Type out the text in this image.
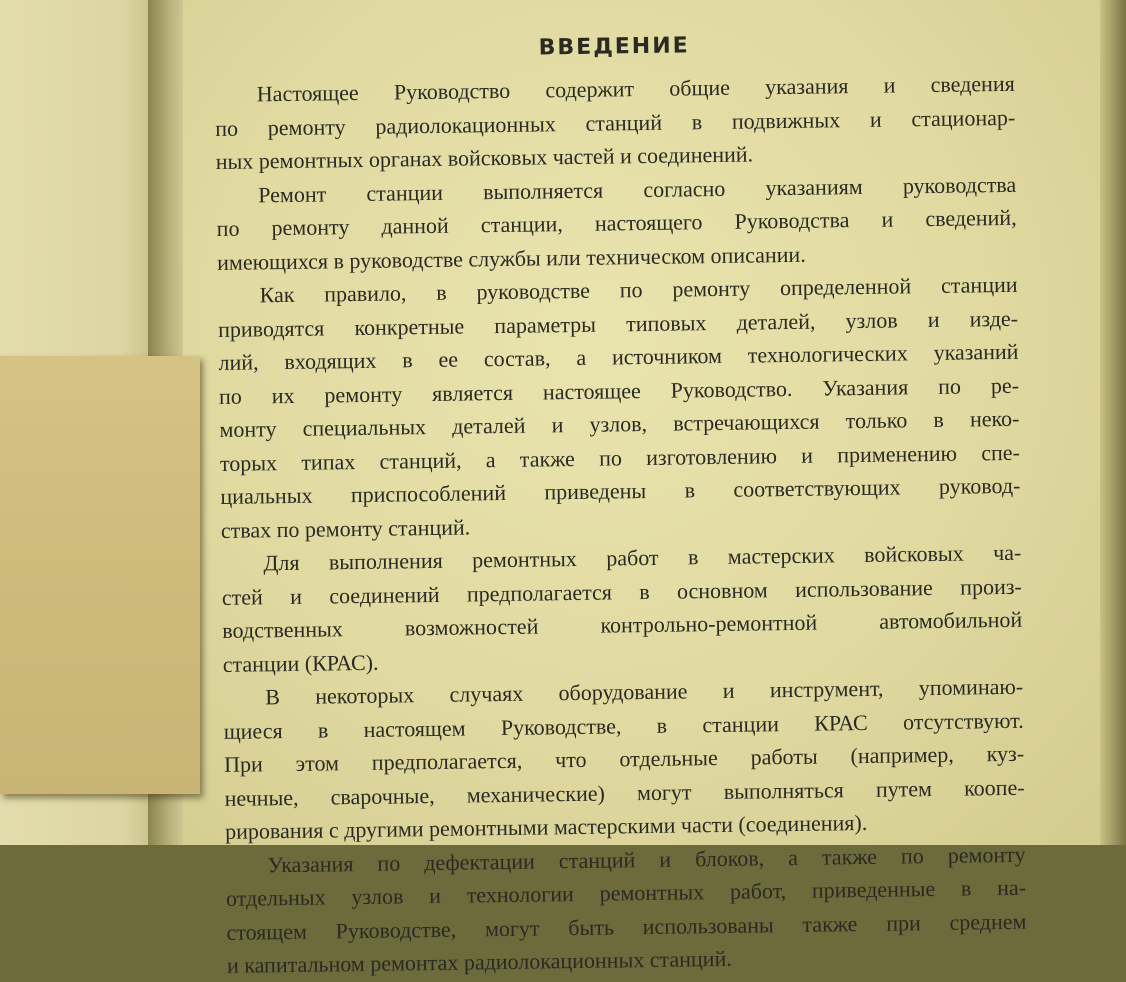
ВВЕДЕНИЕ
Настоящее Руководство содержит общие указания и сведения
по ремонту радиолокационных станций в подвижных и стационар-
ных ремонтных органах войсковых частей и соединений.
Ремонт станции выполняется согласно указаниям руководства
по ремонту данной станции, настоящего Руководства и сведений,
имеющихся в руководстве службы или техническом описании.
Как правило, в руководстве по ремонту определенной станции
приводятся конкретные параметры типовых деталей, узлов и изде-
лий, входящих в ее состав, а источником технологических указаний
по их ремонту является настоящее Руководство. Указания по ре-
монту специальных деталей и узлов, встречающихся только в неко-
торых типах станций, а также по изготовлению и применению спе-
циальных приспособлений приведены в соответствующих руковод-
ствах по ремонту станций.
Для выполнения ремонтных работ в мастерских войсковых ча-
стей и соединений предполагается в основном использование произ-
водственных возможностей контрольно-ремонтной автомобильной
станции (КРАС).
В некоторых случаях оборудование и инструмент, упоминаю-
щиеся в настоящем Руководстве, в станции КРАС отсутствуют.
При этом предполагается, что отдельные работы (например, куз-
нечные, сварочные, механические) могут выполняться путем коопе-
рирования с другими ремонтными мастерскими части (соединения).
Указания по дефектации станций и блоков, а также по ремонту
отдельных узлов и технологии ремонтных работ, приведенные в на-
стоящем Руководстве, могут быть использованы также при среднем
и капитальном ремонтах радиолокационных станций.
